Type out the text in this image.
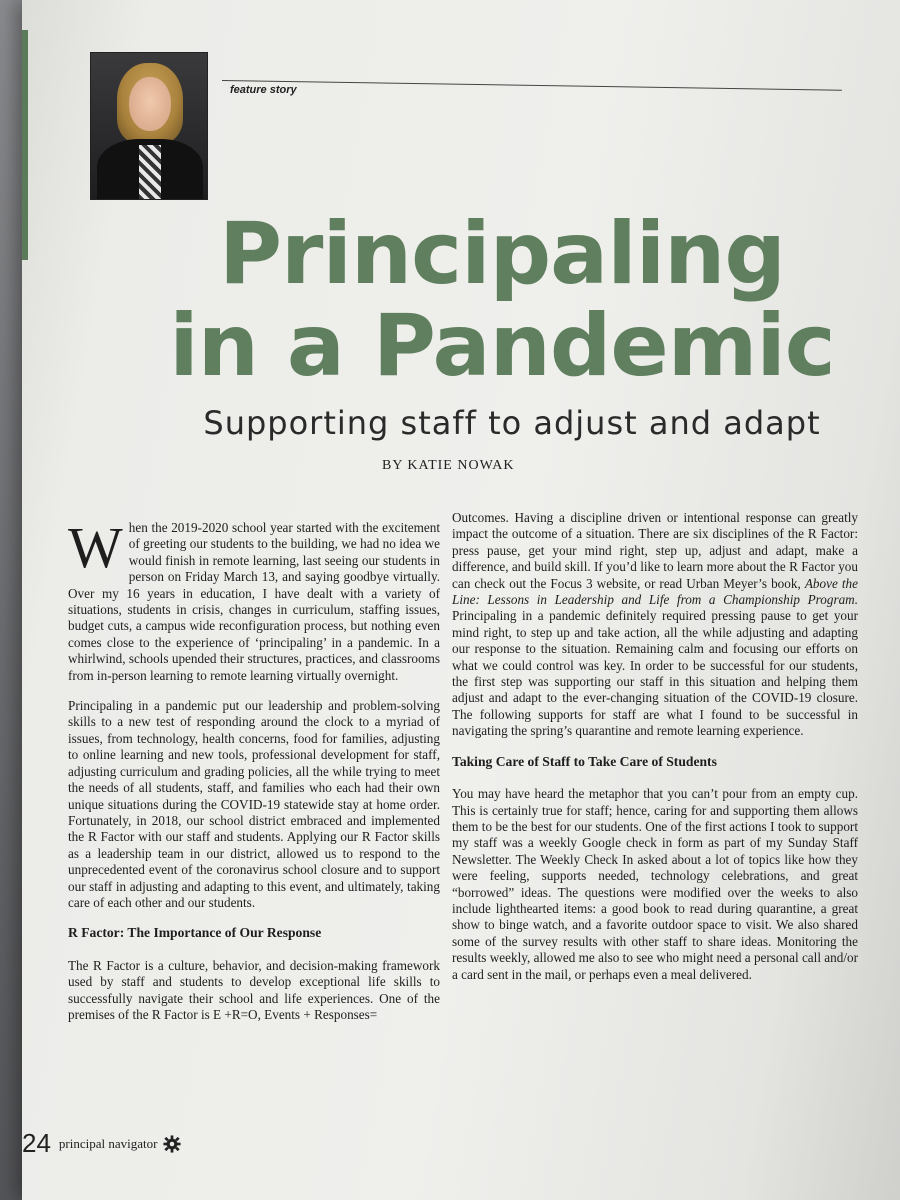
feature story
Principaling
in a Pandemic
Supporting staff to adjust and adapt
BY KATIE NOWAK

When the 2019-2020 school year started with the excitement of greeting our students to the building, we had no idea we would finish in remote learning, last seeing our students in person on Friday March 13, and saying goodbye virtually. Over my 16 years in education, I have dealt with a variety of situations, students in crisis, changes in curriculum, staffing issues, budget cuts, a campus wide reconfiguration process, but nothing even comes close to the experience of ‘principaling’ in a pandemic. In a whirlwind, schools upended their structures, practices, and classrooms from in-person learning to remote learning virtually overnight.

Principaling in a pandemic put our leadership and problem-solving skills to a new test of responding around the clock to a myriad of issues, from technology, health concerns, food for families, adjusting to online learning and new tools, professional development for staff, adjusting curriculum and grading policies, all the while trying to meet the needs of all students, staff, and families who each had their own unique situations during the COVID-19 statewide stay at home order. Fortunately, in 2018, our school district embraced and implemented the R Factor with our staff and students. Applying our R Factor skills as a leadership team in our district, allowed us to respond to the unprecedented event of the coronavirus school closure and to support our staff in adjusting and adapting to this event, and ultimately, taking care of each other and our students.

R Factor: The Importance of Our Response

The R Factor is a culture, behavior, and decision-making framework used by staff and students to develop exceptional life skills to successfully navigate their school and life experiences. One of the premises of the R Factor is E +R=O, Events + Responses=

Outcomes. Having a discipline driven or intentional response can greatly impact the outcome of a situation. There are six disciplines of the R Factor: press pause, get your mind right, step up, adjust and adapt, make a difference, and build skill. If you’d like to learn more about the R Factor you can check out the Focus 3 website, or read Urban Meyer’s book, Above the Line: Lessons in Leadership and Life from a Championship Program. Principaling in a pandemic definitely required pressing pause to get your mind right, to step up and take action, all the while adjusting and adapting our response to the situation. Remaining calm and focusing our efforts on what we could control was key. In order to be successful for our students, the first step was supporting our staff in this situation and helping them adjust and adapt to the ever-changing situation of the COVID-19 closure. The following supports for staff are what I found to be successful in navigating the spring’s quarantine and remote learning experience.

Taking Care of Staff to Take Care of Students

You may have heard the metaphor that you can’t pour from an empty cup. This is certainly true for staff; hence, caring for and supporting them allows them to be the best for our students. One of the first actions I took to support my staff was a weekly Google check in form as part of my Sunday Staff Newsletter. The Weekly Check In asked about a lot of topics like how they were feeling, supports needed, technology celebrations, and great “borrowed” ideas. The questions were modified over the weeks to also include lighthearted items: a good book to read during quarantine, a great show to binge watch, and a favorite outdoor space to visit. We also shared some of the survey results with other staff to share ideas. Monitoring the results weekly, allowed me also to see who might need a personal call and/or a card sent in the mail, or perhaps even a meal delivered.

24 principal navigator
